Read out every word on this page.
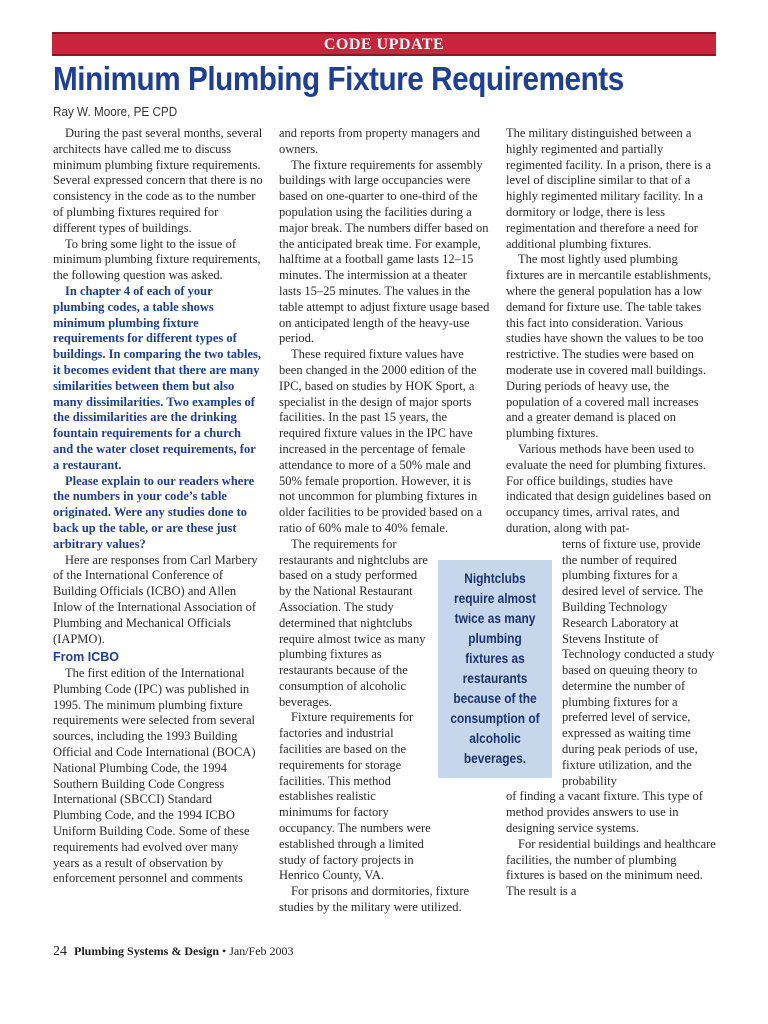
CODE UPDATE
Minimum Plumbing Fixture Requirements
Ray W. Moore, PE CPD

During the past several months, several architects have called me to discuss minimum plumbing fixture requirements. Several expressed concern that there is no consistency in the code as to the number of plumbing fixtures required for different types of buildings.

To bring some light to the issue of minimum plumbing fixture requirements, the following question was asked.

In chapter 4 of each of your plumbing codes, a table shows minimum plumbing fixture requirements for different types of buildings. In comparing the two tables, it becomes evident that there are many similarities between them but also many dissimilarities. Two examples of the dissimilarities are the drinking fountain requirements for a church and the water closet requirements, for a restaurant.

Please explain to our readers where the numbers in your code’s table originated. Were any studies done to back up the table, or are these just arbitrary values?

Here are responses from Carl Marbery of the International Conference of Building Officials (ICBO) and Allen Inlow of the International Association of Plumbing and Mechanical Officials (IAPMO).

From ICBO

The first edition of the International Plumbing Code (IPC) was published in 1995. The minimum plumbing fixture requirements were selected from several sources, including the 1993 Building Official and Code International (BOCA) National Plumbing Code, the 1994 Southern Building Code Congress International (SBCCI) Standard Plumbing Code, and the 1994 ICBO Uniform Building Code. Some of these requirements had evolved over many years as a result of observation by enforcement personnel and comments

and reports from property managers and owners.

The fixture requirements for assembly buildings with large occupancies were based on one-quarter to one-third of the population using the facilities during a major break. The numbers differ based on the anticipated break time. For example, halftime at a football game lasts 12–15 minutes. The intermission at a theater lasts 15–25 minutes. The values in the table attempt to adjust fixture usage based on anticipated length of the heavy-use period.

These required fixture values have been changed in the 2000 edition of the IPC, based on studies by HOK Sport, a specialist in the design of major sports facilities. In the past 15 years, the required fixture values in the IPC have increased in the percentage of female attendance to more of a 50% male and 50% female proportion. However, it is not uncommon for plumbing fixtures in older facilities to be provided based on a ratio of 60% male to 40% female.

The requirements for restaurants and nightclubs are based on a study performed by the National Restaurant Association. The study determined that nightclubs require almost twice as many plumbing fixtures as restaurants because of the consumption of alcoholic beverages.

Fixture requirements for factories and industrial facilities are based on the requirements for storage facilities. This method establishes realistic minimums for factory occupancy. The numbers were established through a limited study of factory projects in Henrico County, VA.

For prisons and dormitories, fixture studies by the military were utilized.

The military distinguished between a highly regimented and partially regimented facility. In a prison, there is a level of discipline similar to that of a highly regimented military facility. In a dormitory or lodge, there is less regimentation and therefore a need for additional plumbing fixtures.

The most lightly used plumbing fixtures are in mercantile establishments, where the general population has a low demand for fixture use. The table takes this fact into consideration. Various studies have shown the values to be too restrictive. The studies were based on moderate use in covered mall buildings. During periods of heavy use, the population of a covered mall increases and a greater demand is placed on plumbing fixtures.

Various methods have been used to evaluate the need for plumbing fixtures. For office buildings, studies have indicated that design guidelines based on occupancy times, arrival rates, and duration, along with pat-

terns of fixture use, provide the number of required plumbing fixtures for a desired level of service. The Building Technology Research Laboratory at Stevens Institute of Technology conducted a study based on queuing theory to determine the number of plumbing fixtures for a preferred level of service, expressed as waiting time during peak periods of use, fixture utilization, and the probability

of finding a vacant fixture. This type of method provides answers to use in designing service systems.

For residential buildings and healthcare facilities, the number of plumbing fixtures is based on the minimum need. The result is a

Nightclubs
require almost
twice as many
plumbing
fixtures as
restaurants
because of the
consumption of
alcoholic
beverages.
24 Plumbing Systems & Design • Jan/Feb 2003
